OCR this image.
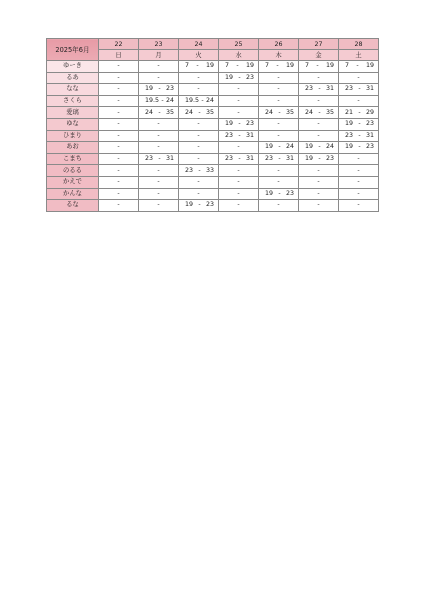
2025年6月	22	23	24	25	26	27	28
	日	月	火	水	木	金	土
ゆーき	-	-	7 - 19	7 - 19	7 - 19	7 - 19	7 - 19

るあ	-	-	-	19 - 23	-	-	-

なな	-	19 - 23	-	-	-	23 - 31	23 - 31

さくら	-	19.5 - 24	19.5 - 24	-	-	-	-

愛璃	-	24 - 35	24 - 35	-	24 - 35	24 - 35	21 - 29

ゆな	-	-	-	19 - 23	-	-	19 - 23

ひまり	-	-	-	23 - 31	-	-	23 - 31

あお	-	-	-	-	19 - 24	19 - 24	19 - 23

こまち	-	23 - 31	-	23 - 31	23 - 31	19 - 23	-

のるる	-	-	23 - 33	-	-	-	-

かえで	-	-	-	-	-	-	-

かんな	-	-	-	-	19 - 23	-	-

るな	-	-	19 - 23	-	-	-	-
